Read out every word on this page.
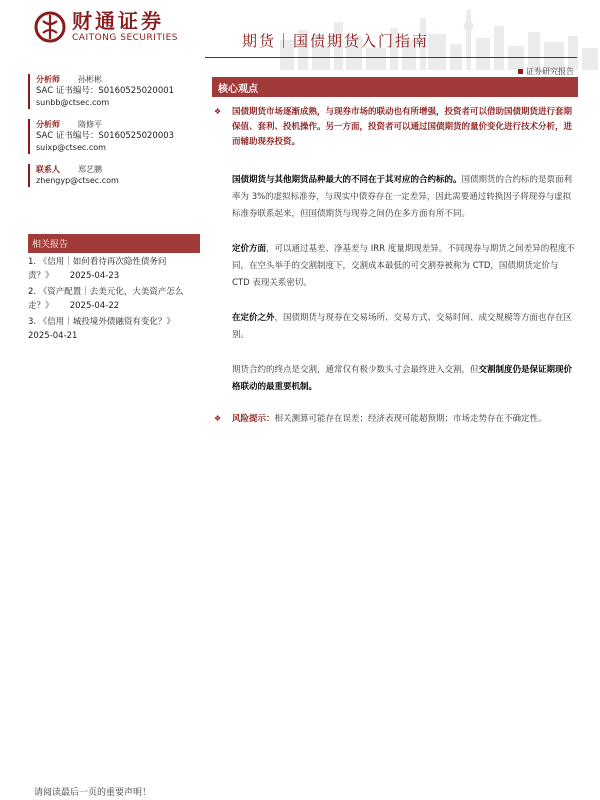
财通证券
CAITONG SECURITIES	期货｜国债期货入门指南
证券研究报告
分析师 孙彬彬
SAC 证书编号：S0160525020001
sunbb@ctsec.com
分析师 隋修平
SAC 证书编号：S0160525020003
suixp@ctsec.com
联系人 郑艺鹏
zhengyp@ctsec.com
相关报告
1. 《信用｜如何看待再次隐性债务问责？》 2025-04-23
2. 《资产配置｜去美元化，大美资产怎么走？》 2025-04-22
3. 《信用｜城投境外债融资有变化？》
2025-04-21
核心观点
❖ 国债期货市场逐渐成熟，与现券市场的联动也有所增强，投资者可以借助国债期货进行套期保值、套利、投机操作。另一方面，投资者可以通过国债期货的量价变化进行技术分析，进而辅助现券投资。
国债期货与其他期货品种最大的不同在于其对应的合约标的。国债期货的合约标的是票面利率为 3%的虚拟标准券，与现实中债券存在一定差异，因此需要通过转换因子将现券与虚拟标准券联系起来，但国债期货与现券之间仍在多方面有所不同。
定价方面，可以通过基差、净基差与 IRR 度量期现差异。不同现券与期货之间差异的程度不同，在空头举手的交割制度下，交割成本最低的可交割券被称为 CTD，国债期货定价与 CTD 表现关系密切。
在定价之外，国债期货与现券在交易场所、交易方式、交易时间、成交规模等方面也存在区别。
期货合约的终点是交割，通常仅有极少数头寸会最终进入交割，但交割制度仍是保证期现价格联动的最重要机制。
❖ 风险提示：相关测算可能存在误差；经济表现可能超预期；市场走势存在不确定性。
请阅读最后一页的重要声明！
